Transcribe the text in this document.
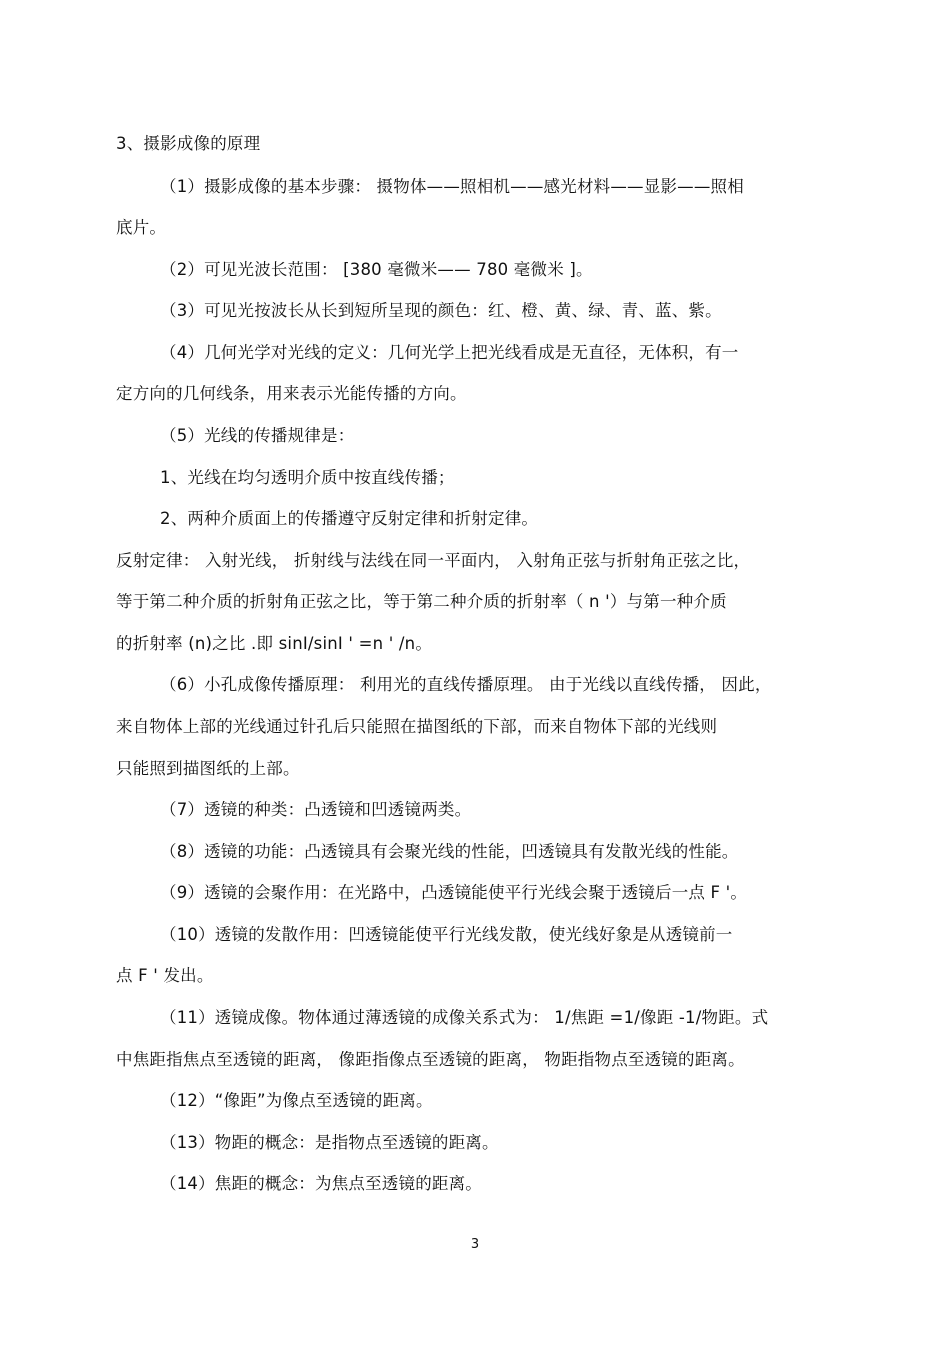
3、摄影成像的原理
（1）摄影成像的基本步骤： 摄物体——照相机——感光材料——显影——照相
底片。
（2）可见光波长范围： [380 毫微米—— 780 毫微米 ]。
（3）可见光按波长从长到短所呈现的颜色：红、橙、黄、绿、青、蓝、紫。
（4）几何光学对光线的定义：几何光学上把光线看成是无直径，无体积，有一
定方向的几何线条，用来表示光能传播的方向。
（5）光线的传播规律是：
1、光线在均匀透明介质中按直线传播；
2、两种介质面上的传播遵守反射定律和折射定律。
反射定律： 入射光线， 折射线与法线在同一平面内， 入射角正弦与折射角正弦之比，
等于第二种介质的折射角正弦之比，等于第二种介质的折射率（ n '）与第一种介质
的折射率 (n)之比 .即 sinI/sinI ' =n ' /n。
（6）小孔成像传播原理： 利用光的直线传播原理。 由于光线以直线传播， 因此，
来自物体上部的光线通过针孔后只能照在描图纸的下部，而来自物体下部的光线则
只能照到描图纸的上部。
（7）透镜的种类：凸透镜和凹透镜两类。
（8）透镜的功能：凸透镜具有会聚光线的性能，凹透镜具有发散光线的性能。
（9）透镜的会聚作用：在光路中，凸透镜能使平行光线会聚于透镜后一点 F '。
（10）透镜的发散作用：凹透镜能使平行光线发散，使光线好象是从透镜前一
点 F ' 发出。
（11）透镜成像。物体通过薄透镜的成像关系式为： 1/焦距 =1/像距 -1/物距。式
中焦距指焦点至透镜的距离， 像距指像点至透镜的距离， 物距指物点至透镜的距离。
（12）“像距”为像点至透镜的距离。
（13）物距的概念：是指物点至透镜的距离。
（14）焦距的概念：为焦点至透镜的距离。
3
